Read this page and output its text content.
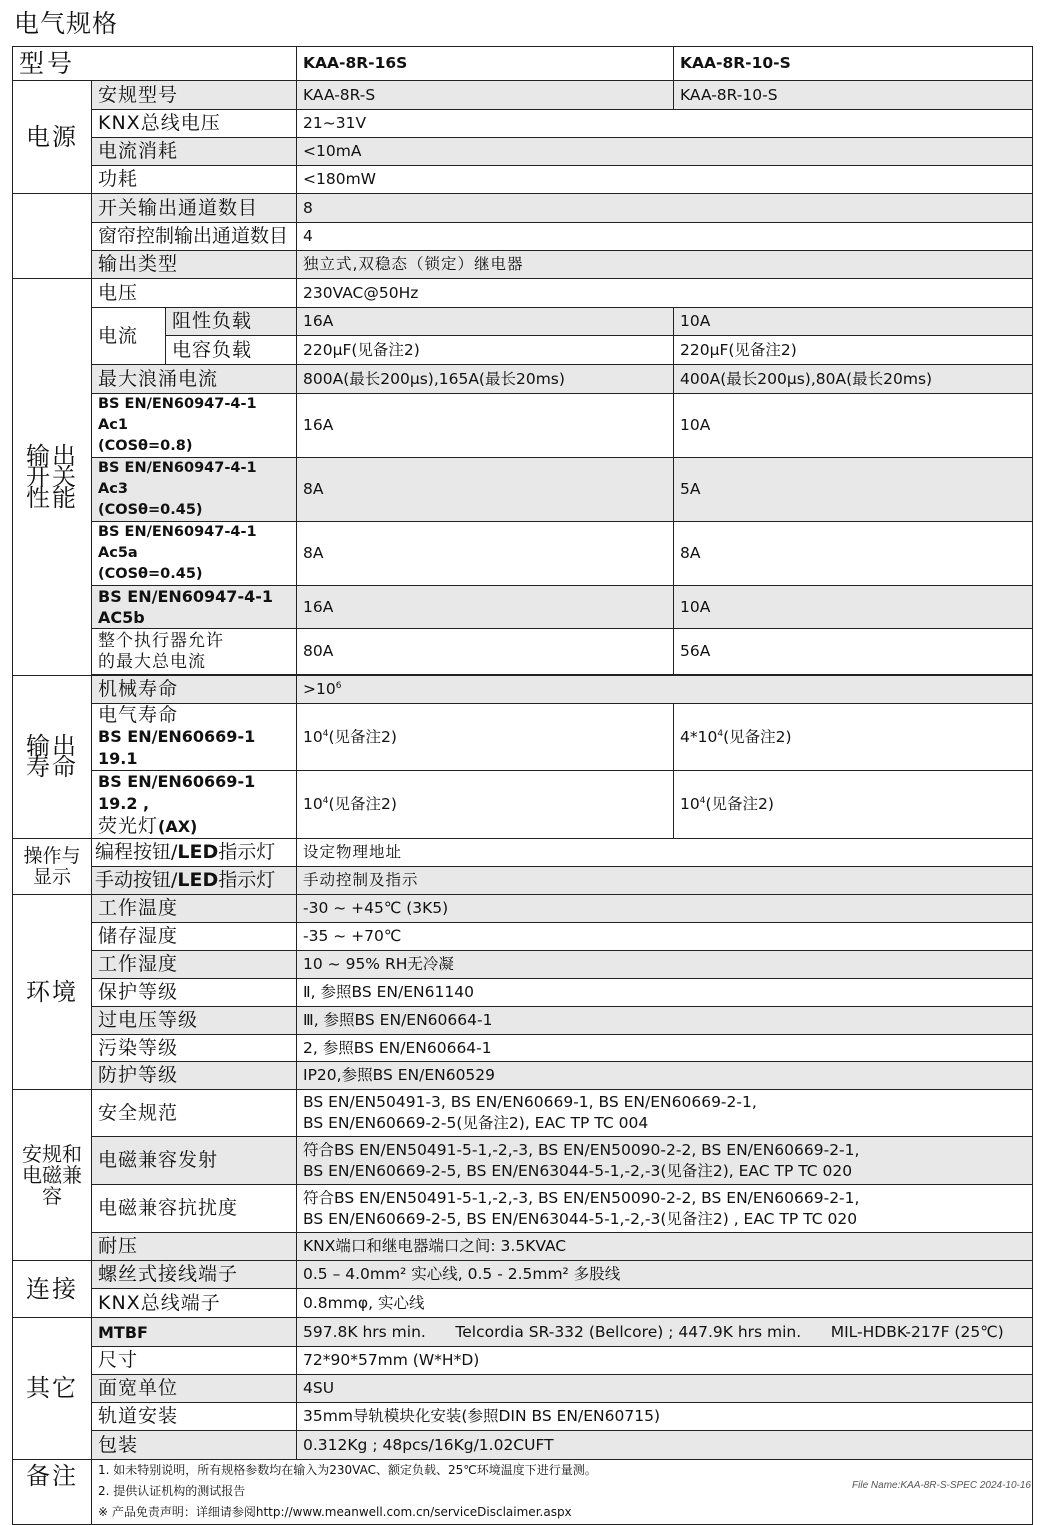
电气规格
型号			KAA-8R-16S	KAA-8R-10-S
电源	安规型号		KAA-8R-S	KAA-8R-10-S
	KNX总线电压		21~31V	
	电流消耗		<10mA	
	功耗		<180mW	
	开关输出通道数目		8	
	窗帘控制输出通道数目		4	
	输出类型		独立式,双稳态（锁定）继电器	
输出
开关
性能	电压		230VAC@50Hz	
	电流	阻性负载	16A	10A
		电容负载	220μF(见备注2)	220μF(见备注2)
	最大浪涌电流		800A(最长200μs),165A(最长20ms)	400A(最长200μs),80A(最长20ms)
	BS EN/EN60947-4-1 Ac1
(COSθ=0.8)		16A	10A
	BS EN/EN60947-4-1 Ac3
(COSθ=0.45)		8A	5A
	BS EN/EN60947-4-1 Ac5a
(COSθ=0.45)		8A	8A
	BS EN/EN60947-4-1 AC5b		16A	10A
	整个执行器允许
的最大总电流		80A	56A

输出
寿命	机械寿命		$>10^6$

	电气寿命
BS EN/EN60669-1 19.1		$10^4$(见备注2)	$4*10^4$(见备注2)

	BS EN/EN60669-1 19.2 ,
荧光灯(AX)		$10^4$(见备注2)	$10^4$(见备注2)
操作与
显示	编程按钮/LED指示灯		设定物理地址	
	手动按钮/LED指示灯		手动控制及指示	
环境	工作温度		-30 ~ +45℃ (3K5)	
	储存湿度		-35 ~ +70℃	
	工作湿度		10 ~ 95% RH无冷凝	
	保护等级		Ⅱ, 参照BS EN/EN61140	
	过电压等级		Ⅲ, 参照BS EN/EN60664-1	
	污染等级		2, 参照BS EN/EN60664-1	
	防护等级		IP20,参照BS EN/EN60529	
安规和
电磁兼容	安全规范		BS EN/EN50491-3, BS EN/EN60669-1, BS EN/EN60669-2-1,
BS EN/EN60669-2-5(见备注2), EAC TP TC 004	
	电磁兼容发射		符合BS EN/EN50491-5-1,-2,-3, BS EN/EN50090-2-2, BS EN/EN60669-2-1,
BS EN/EN60669-2-5, BS EN/EN63044-5-1,-2,-3(见备注2), EAC TP TC 020	
	电磁兼容抗扰度		符合BS EN/EN50491-5-1,-2,-3, BS EN/EN50090-2-2, BS EN/EN60669-2-1,
BS EN/EN60669-2-5, BS EN/EN63044-5-1,-2,-3(见备注2) , EAC TP TC 020	
	耐压		KNX端口和继电器端口之间: 3.5KVAC	
连接	螺丝式接线端子		0.5 – 4.0mm² 实心线, 0.5 - 2.5mm² 多股线	
	KNX总线端子		0.8mmφ, 实心线	
其它	MTBF		597.8K hrs min.      Telcordia SR-332 (Bellcore) ; 447.9K hrs min.      MIL-HDBK-217F (25℃)	
	尺寸		72*90*57mm (W*H*D)	
	面宽单位		4SU	
	轨道安装		35mm导轨模块化安装(参照DIN BS EN/EN60715)	
	包装		0.312Kg ; 48pcs/16Kg/1.02CUFT	
备注	1. 如未特别说明，所有规格参数均在输入为230VAC、额定负载、25℃环境温度下进行量测。
2. 提供认证机构的测试报告
※ 产品免责声明：详细请参阅http://www.meanwell.com.cn/serviceDisclaimer.aspx			
File Name:KAA-8R-S-SPEC 2024-10-16
